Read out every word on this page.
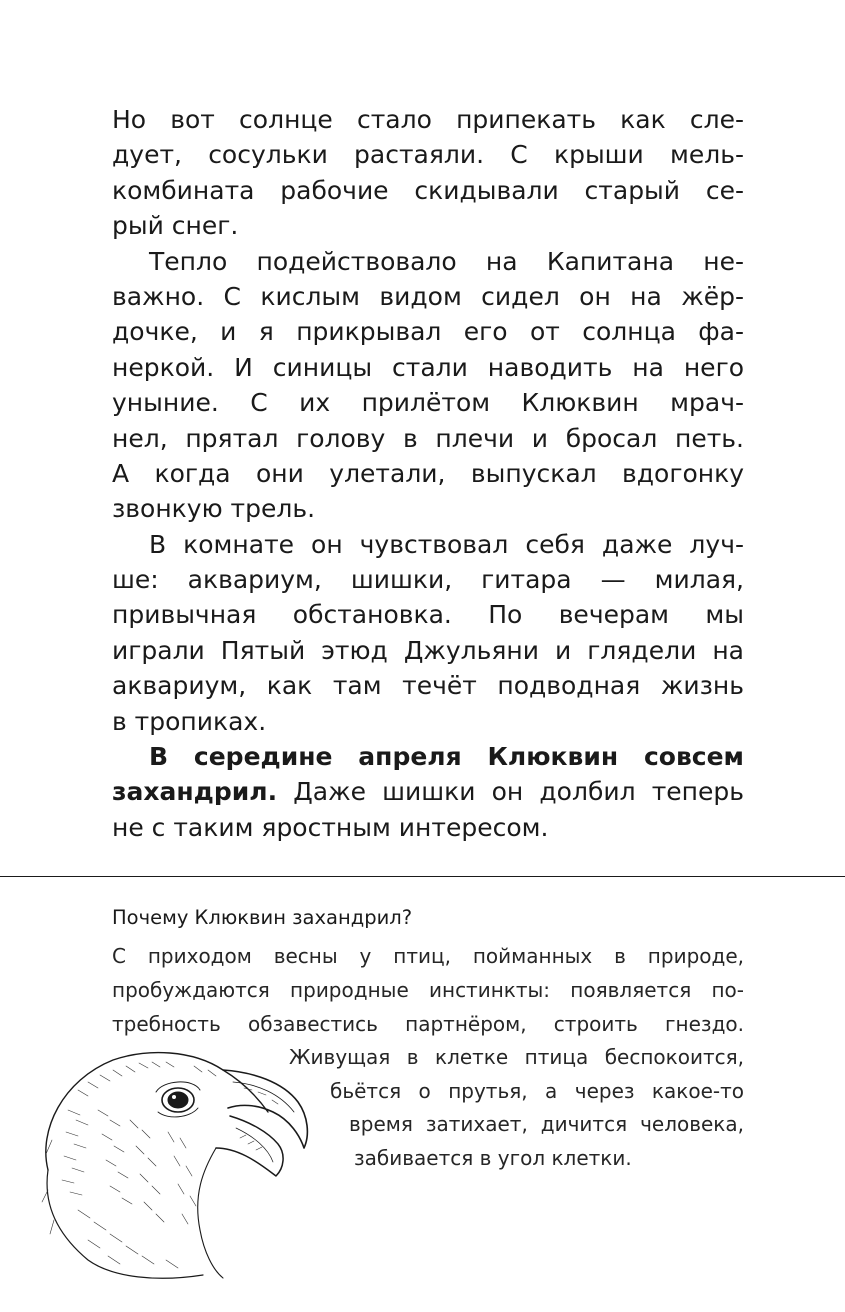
Но вот солнце стало припекать как сле-
дует, сосульки растаяли. С крыши мель-
комбината рабочие скидывали старый се-
рый снег.
Тепло подействовало на Капитана не-
важно. С кислым видом сидел он на жёр-
дочке, и я прикрывал его от солнца фа-
неркой. И синицы стали наводить на него
уныние. С их прилётом Клюквин мрач-
нел, прятал голову в плечи и бросал петь.
А когда они улетали, выпускал вдогонку
звонкую трель.
В комнате он чувствовал себя даже луч-
ше: аквариум, шишки, гитара — милая,
привычная обстановка. По вечерам мы
играли Пятый этюд Джульяни и глядели на
аквариум, как там течёт подводная жизнь
в тропиках.
В середине апреля Клюквин совсем
захандрил. Даже шишки он долбил теперь
не с таким яростным интересом.
Почему Клюквин захандрил?
С приходом весны у птиц, пойманных в природе,
пробуждаются природные инстинкты: появляется по-
требность обзавестись партнёром, строить гнездо.
Живущая в клетке птица беспокоится,
бьётся о прутья, а через какое-то
время затихает, дичится человека,
забивается в угол клетки.
